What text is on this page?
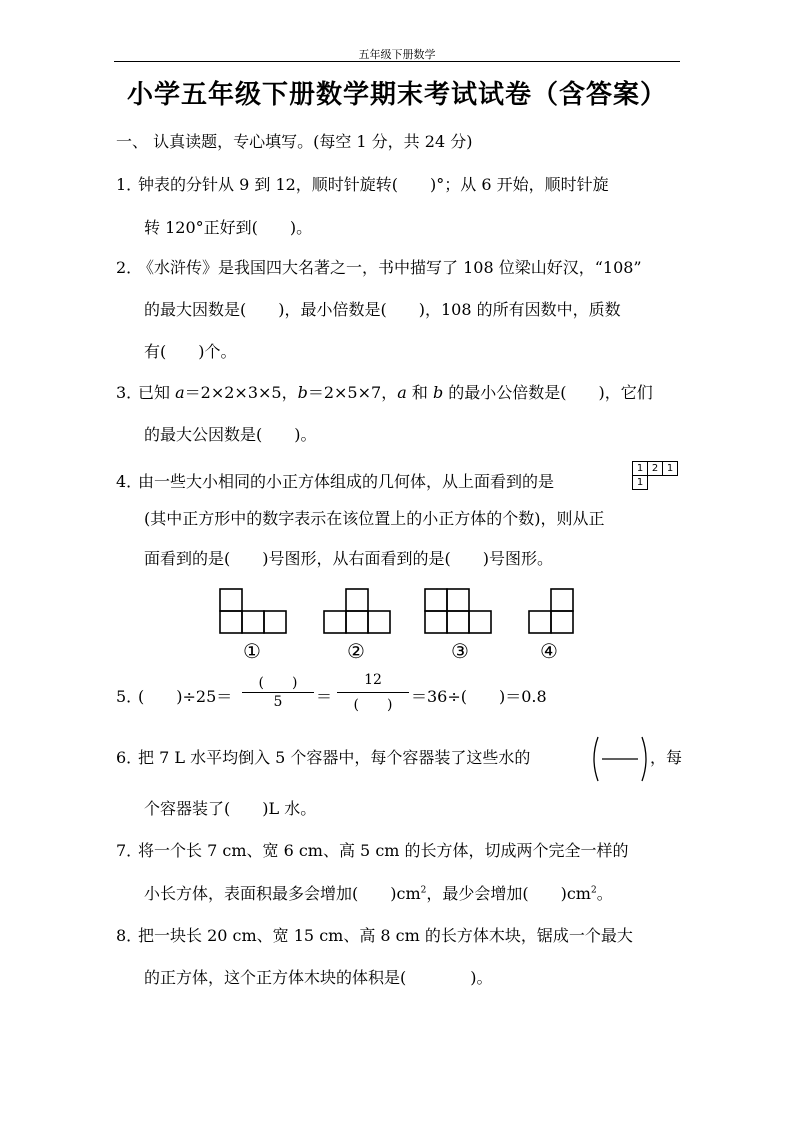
五年级下册数学
小学五年级下册数学期末考试试卷（含答案）
一、 认真读题，专心填写。(每空 1 分，共 24 分)
1．钟表的分针从 9 到 12，顺时针旋转(　　)°；从 6 开始，顺时针旋
转 120°正好到(　　)。
2．《水浒传》是我国四大名著之一，书中描写了 108 位梁山好汉，“108”
的最大因数是(　　)，最小倍数是(　　)，108 的所有因数中，质数
有(　　)个。
3．已知 a＝2×2×3×5，b＝2×5×7，a 和 b 的最小公倍数是(　　)，它们
的最大公因数是(　　)。
4．由一些大小相同的小正方体组成的几何体，从上面看到的是
1 2 1
1
(其中正方形中的数字表示在该位置上的小正方体的个数)，则从正
面看到的是(　　)号图形，从右面看到的是(　　)号图形。
①	②	③	④
5．(　　)÷25＝
(　　)
5	＝
12
(　　)	＝36÷(　　)＝0.8
6．把 7 L 水平均倒入 5 个容器中，每个容器装了这些水的	，每
个容器装了(　　)L 水。
7．将一个长 7 cm、宽 6 cm、高 5 cm 的长方体，切成两个完全一样的
小长方体，表面积最多会增加(　　)$cm^2$，最少会增加(　　)$cm^2$。
8．把一块长 20 cm、宽 15 cm、高 8 cm 的长方体木块，锯成一个最大
的正方体，这个正方体木块的体积是(　　　　)。
